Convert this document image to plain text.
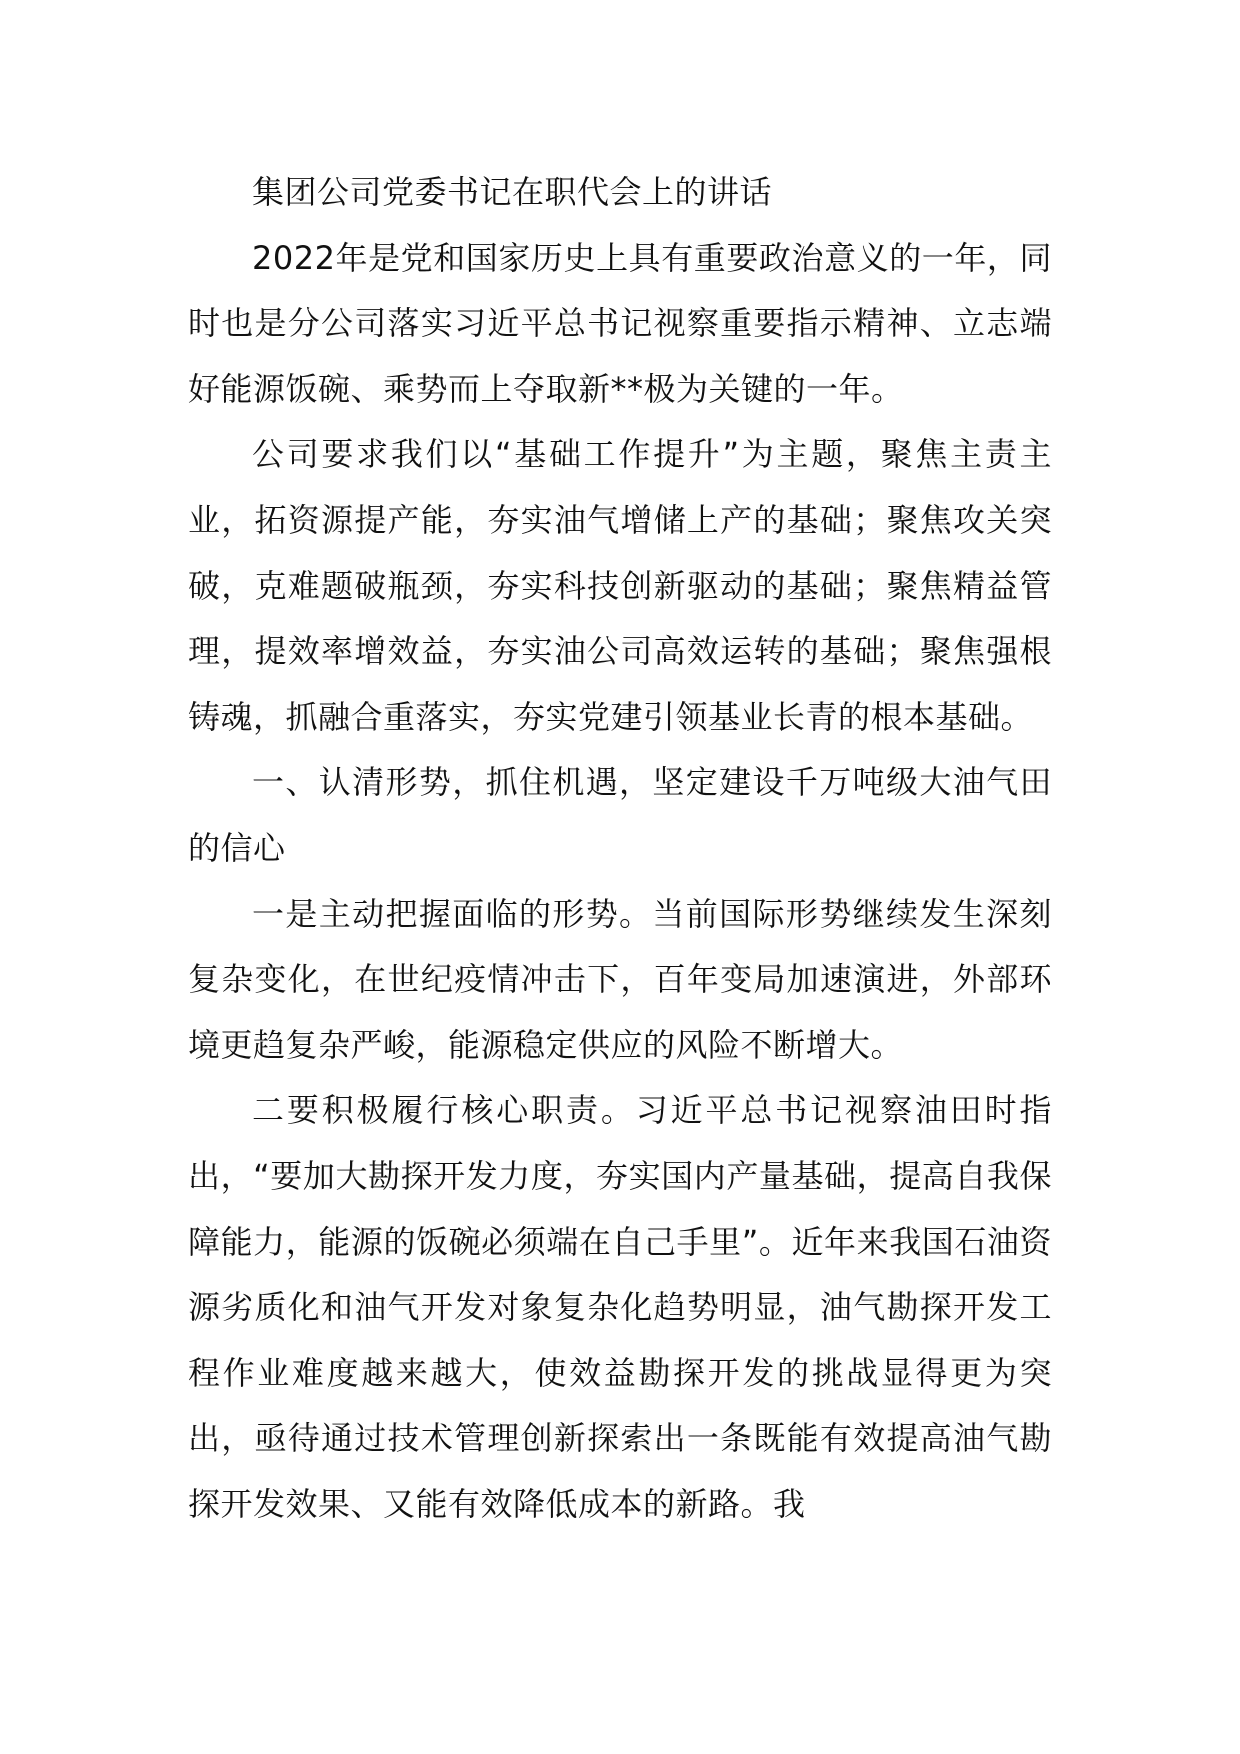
集团公司党委书记在职代会上的讲话

2022年是党和国家历史上具有重要政治意义的一年，同时也是分公司落实习近平总书记视察重要指示精神、立志端好能源饭碗、乘势而上夺取新**极为关键的一年。

公司要求我们以“基础工作提升”为主题，聚焦主责主业，拓资源提产能，夯实油气增储上产的基础；聚焦攻关突破，克难题破瓶颈，夯实科技创新驱动的基础；聚焦精益管理，提效率增效益，夯实油公司高效运转的基础；聚焦强根铸魂，抓融合重落实，夯实党建引领基业长青的根本基础。

一、认清形势，抓住机遇，坚定建设千万吨级大油气田的信心

一是主动把握面临的形势。当前国际形势继续发生深刻复杂变化，在世纪疫情冲击下，百年变局加速演进，外部环境更趋复杂严峻，能源稳定供应的风险不断增大。

二要积极履行核心职责。习近平总书记视察油田时指出，“要加大勘探开发力度，夯实国内产量基础，提高自我保障能力，能源的饭碗必须端在自己手里”。近年来我国石油资源劣质化和油气开发对象复杂化趋势明显，油气勘探开发工程作业难度越来越大，使效益勘探开发的挑战显得更为突出，亟待通过技术管理创新探索出一条既能有效提高油气勘探开发效果、又能有效降低成本的新路。我
